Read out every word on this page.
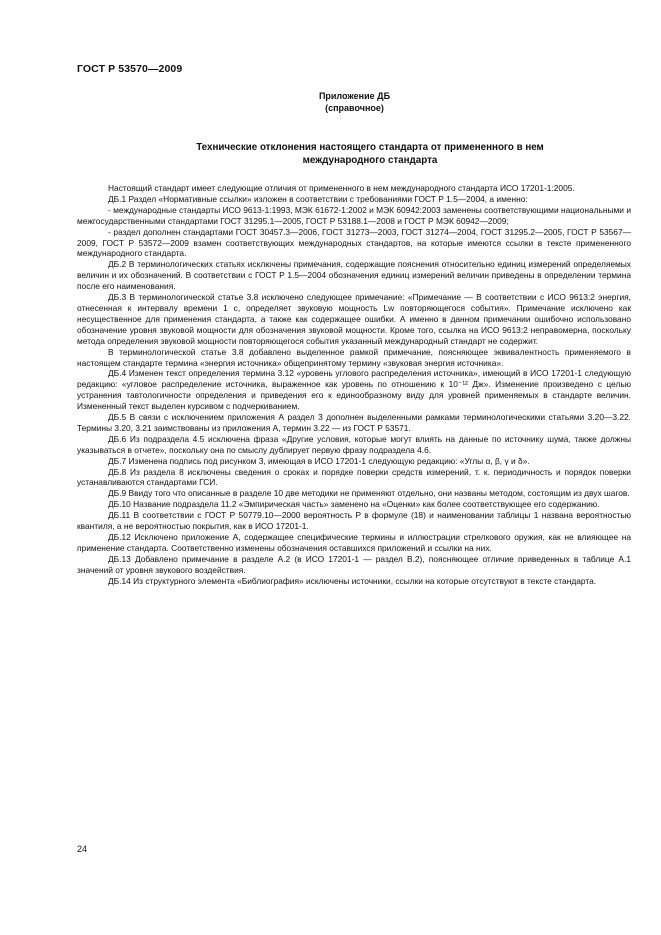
ГОСТ Р 53570—2009
Приложение ДБ
(справочное)
Технические отклонения настоящего стандарта от примененного в нем
международного стандарта

Настоящий стандарт имеет следующие отличия от примененного в нем международного стандарта ИСО 17201-1:2005.

ДБ.1 Раздел «Нормативные ссылки» изложен в соответствии с требованиями ГОСТ Р 1.5—2004, а именно:

- международные стандарты ИСО 9613-1:1993, МЭК 61672-1:2002 и МЭК 60942:2003 заменены соответствующими национальными и межгосударственными стандартами ГОСТ 31295.1—2005, ГОСТ Р 53188.1—2008 и ГОСТ Р МЭК 60942—2009;

- раздел дополнен стандартами ГОСТ 30457.3—2006, ГОСТ 31273—2003, ГОСТ 31274—2004, ГОСТ 31295.2—2005, ГОСТ Р 53567—2009, ГОСТ Р 53572—2009 взамен соответствующих международных стандартов, на которые имеются ссылки в тексте примененного международного стандарта.

ДБ.2 В терминологических статьях исключены примечания, содержащие пояснения относительно единиц измерений определяемых величин и их обозначений. В соответствии с ГОСТ Р 1.5—2004 обозначения единиц измерений величин приведены в определении термина после его наименования.

ДБ.3 В терминологической статье 3.8 исключено следующее примечание: «Примечание — В соответствии с ИСО 9613:2 энергия, отнесенная к интервалу времени 1 с, определяет звуковую мощность Lw повторяющегося события». Примечание исключено как несущественное для применения стандарта, а также как содержащее ошибки. А именно в данном примечании ошибочно использовано обозначение уровня звуковой мощности для обозначения звуковой мощности. Кроме того, ссылка на ИСО 9613:2 неправомерна, поскольку метода определения звуковой мощности повторяющегося события указанный международный стандарт не содержит.

В терминологической статье 3.8 добавлено выделенное рамкой примечание, поясняющее эквивалентность применяемого в настоящем стандарте термина «энергия источника» общепринятому термину «звуковая энергия источника».

ДБ.4 Изменен текст определения термина 3.12 «уровень углового распределения источника», имеющий в ИСО 17201-1 следующую редакцию: «угловое распределение источника, выраженное как уровень по отношению к 10⁻¹² Дж». Изменение произведено с целью устранения тавтологичности определения и приведения его к единообразному виду для уровней применяемых в стандарте величин. Измененный текст выделен курсивом с подчеркиванием.

ДБ.5 В связи с исключением приложения А раздел 3 дополнен выделенными рамками терминологическими статьями 3.20—3.22. Термины 3.20, 3.21 заимствованы из приложения А, термин 3.22 — из ГОСТ Р 53571.

ДБ.6 Из подраздела 4.5 исключена фраза «Другие условия, которые могут влиять на данные по источнику шума, также должны указываться в отчете», поскольку она по смыслу дублирует первую фразу подраздела 4.6.

ДБ.7 Изменена подпись под рисунком 3, имеющая в ИСО 17201-1 следующую редакцию: «Углы α, β, γ и δ».

ДБ.8 Из раздела 8 исключены сведения о сроках и порядке поверки средств измерений, т. к. периодичность и порядок поверки устанавливаются стандартами ГСИ.

ДБ.9 Ввиду того что описанные в разделе 10 две методики не применяют отдельно, они названы методом, состоящим из двух шагов.

ДБ.10 Название подраздела 11.2 «Эмпирическая часть» заменено на «Оценки» как более соответствующее его содержанию.

ДБ.11 В соответствии с ГОСТ Р 50779.10—2000 вероятность P в формуле (18) и наименовании таблицы 1 названа вероятностью квантиля, а не вероятностью покрытия, как в ИСО 17201-1.

ДБ.12 Исключено приложение А, содержащее специфические термины и иллюстрации стрелкового оружия, как не влияющее на применение стандарта. Соответственно изменены обозначения оставшихся приложений и ссылки на них.

ДБ.13 Добавлено примечание в разделе А.2 (в ИСО 17201-1 — раздел В.2), поясняющее отличие приведенных в таблице А.1 значений от уровня звукового воздействия.

ДБ.14 Из структурного элемента «Библиография» исключены источники, ссылки на которые отсутствуют в тексте стандарта.

24
